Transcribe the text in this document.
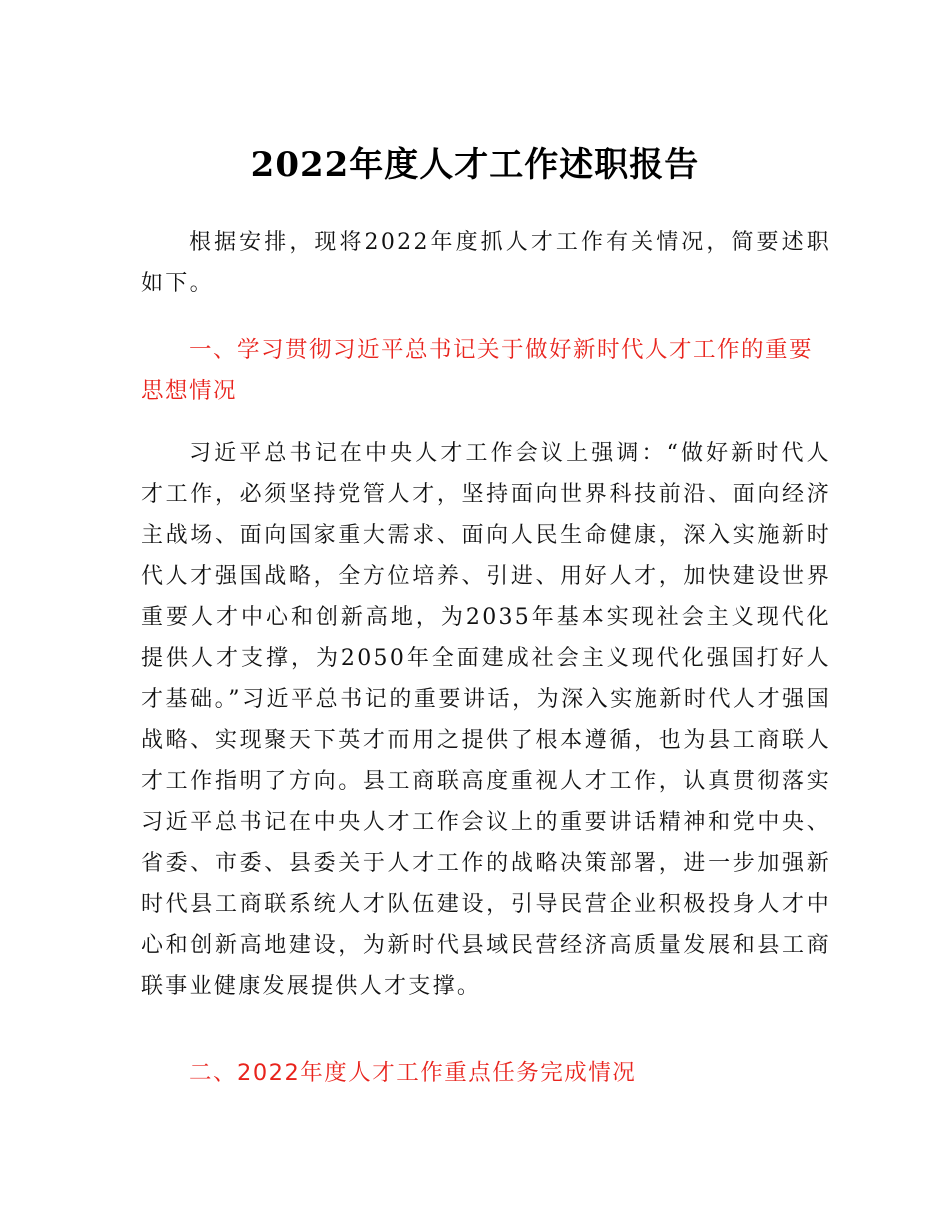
2022年度人才工作述职报告

根据安排，现将2022年度抓人才工作有关情况，简要述职如下。

一、学习贯彻习近平总书记关于做好新时代人才工作的重要思想情况

习近平总书记在中央人才工作会议上强调：“做好新时代人才工作，必须坚持党管人才，坚持面向世界科技前沿、面向经济主战场、面向国家重大需求、面向人民生命健康，深入实施新时代人才强国战略，全方位培养、引进、用好人才，加快建设世界重要人才中心和创新高地，为2035年基本实现社会主义现代化提供人才支撑，为2050年全面建成社会主义现代化强国打好人才基础。”习近平总书记的重要讲话，为深入实施新时代人才强国战略、实现聚天下英才而用之提供了根本遵循，也为县工商联人才工作指明了方向。县工商联高度重视人才工作，认真贯彻落实习近平总书记在中央人才工作会议上的重要讲话精神和党中央、省委、市委、县委关于人才工作的战略决策部署，进一步加强新时代县工商联系统人才队伍建设，引导民营企业积极投身人才中心和创新高地建设，为新时代县域民营经济高质量发展和县工商联事业健康发展提供人才支撑。

二、2022年度人才工作重点任务完成情况
